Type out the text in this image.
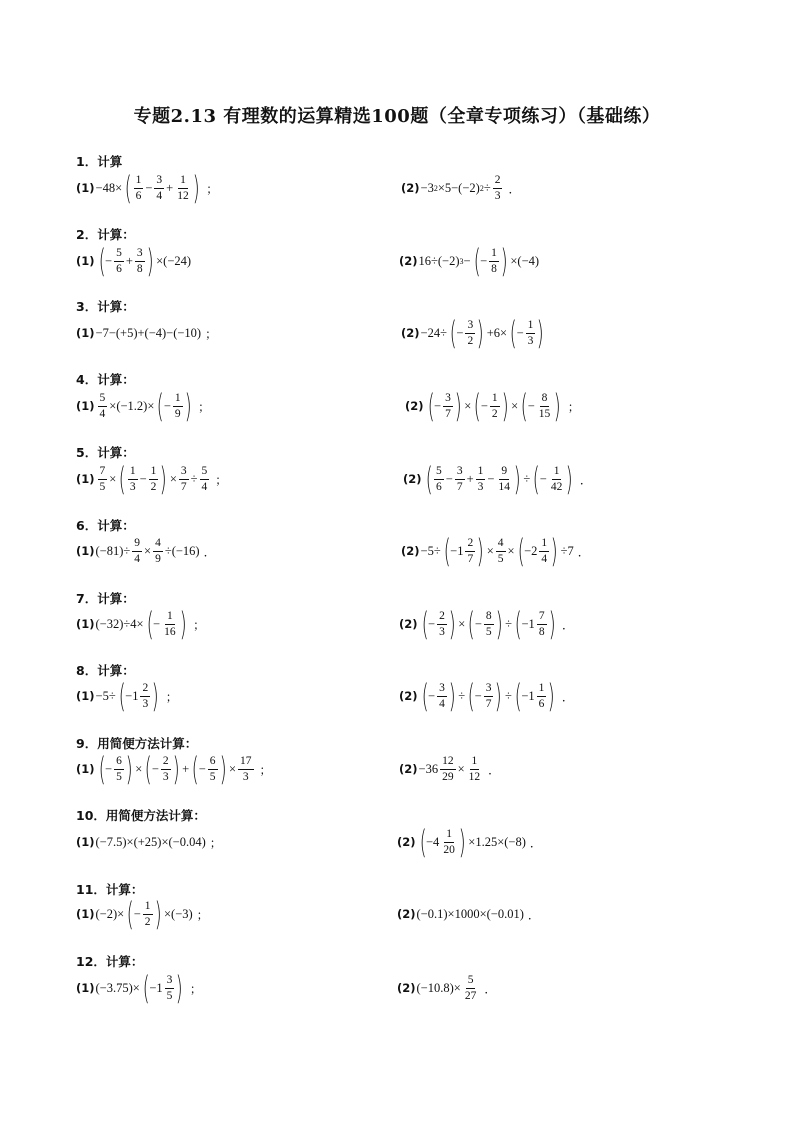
专题2.13 有理数的运算精选100题（全章专项练习）（基础练）
1．计算
(1) −48× ( $\frac{1}{6} - \frac{3}{4} + \frac{1}{12}$ ) ；	(2) −3 2 ×5−(−2) $2 \div \frac{2}{3}$ ．
2．计算：
(1) ( − $\frac{5}{6} + \frac{3}{8}$ ) ×(−24)	(2) 16÷(−2) 3 − ( − $\frac{1}{8}$ ) ×(−4)
3．计算：
(1) −7−(+5)+(−4)−(−10) ；	(2) −24÷ ( − $\frac{3}{2}$ ) +6× ( − $\frac{1}{3}$ )
4．计算：
$(1) \frac{5}{4} \times(-1.2)\times$ ( − $\frac{1}{9}$ ) ；	(2) ( − $\frac{3}{7}$ ) × ( − $\frac{1}{2}$ ) × ( − $\frac{8}{15}$ ) ；
5．计算：
$(1) \frac{7}{5}$ × ( $\frac{1}{3} - \frac{1}{2}$ ) × $\frac{3}{7} \div \frac{5}{4}$ ；	(2) ( $\frac{5}{6} - \frac{3}{7} + \frac{1}{3} - \frac{9}{14}$ ) ÷ ( − $\frac{1}{42}$ ) ．
6．计算：
(1) $(-81)\div \frac{9}{4} \times \frac{4}{9} \div(-16)$ ．	(2) −5÷ ( $-1 \frac{2}{7}$ ) × $\frac{4}{5}$ × ( $-2 \frac{1}{4}$ ) ÷7 ．
7．计算：
(1) (−32)÷4× ( − $\frac{1}{16}$ ) ；	(2) ( − $\frac{2}{3}$ ) × ( − $\frac{8}{5}$ ) ÷ ( $-1 \frac{7}{8}$ ) ．
8．计算：
(1) −5÷ ( $-1 \frac{2}{3}$ ) ；	(2) ( − $\frac{3}{4}$ ) ÷ ( − $\frac{3}{7}$ ) ÷ ( $-1 \frac{1}{6}$ ) ．
9．用简便方法计算：
(1) ( − $\frac{6}{5}$ ) × ( − $\frac{2}{3}$ ) + ( − $\frac{6}{5}$ ) × $\frac{17}{3}$ ；	$(2) -36 \frac{12}{29} \times \frac{1}{12}$ ．
10．用简便方法计算：
(1) (−7.5)×(+25)×(−0.04) ；	(2) ( $-4 \frac{1}{20}$ ) ×1.25×(−8) ．
11．计算：
(1) (−2)× ( − $\frac{1}{2}$ ) ×(−3) ；	(2) (−0.1)×1000×(−0.01) ．
12．计算：
(1) (−3.75)× ( $-1 \frac{3}{5}$ ) ；	(2) $(-10.8)\times \frac{5}{27}$ ．
